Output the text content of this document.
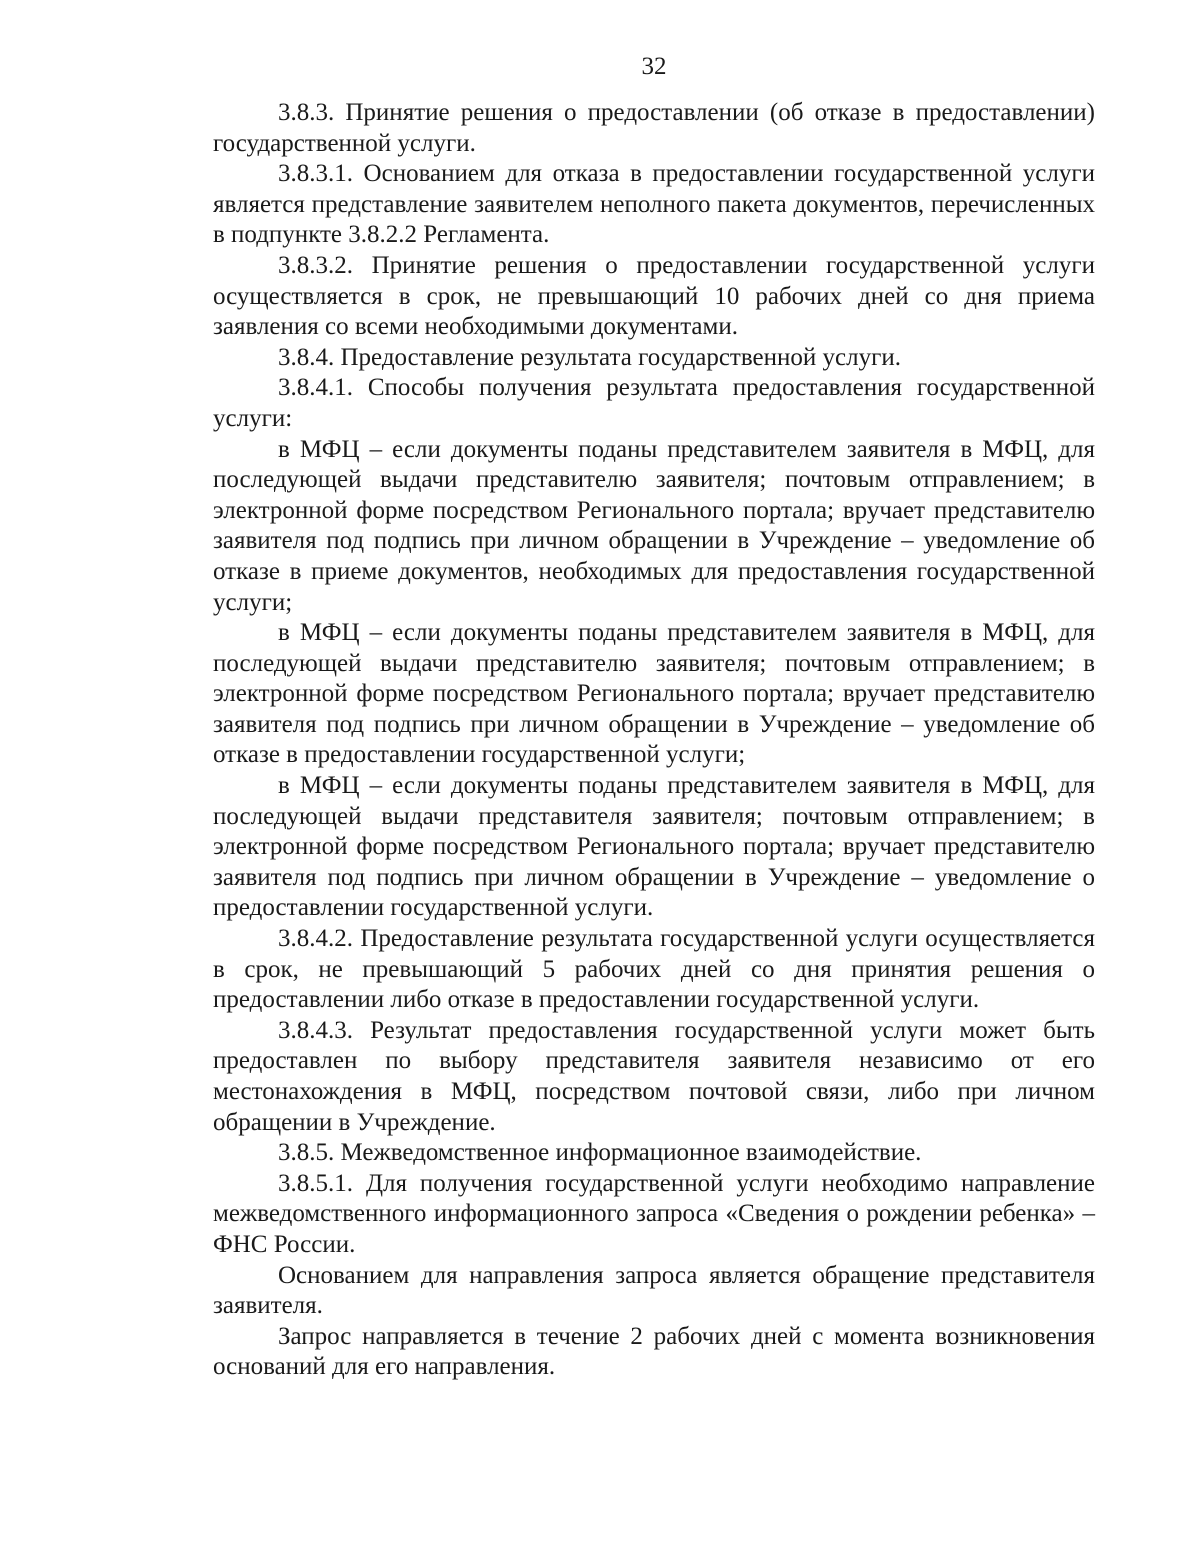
32

3.8.3. Принятие решения о предоставлении (об отказе в предоставлении) государственной услуги.

3.8.3.1. Основанием для отказа в предоставлении государственной услуги является представление заявителем неполного пакета документов, перечисленных в подпункте 3.8.2.2 Регламента.

3.8.3.2. Принятие решения о предоставлении государственной услуги осуществляется в срок, не превышающий 10 рабочих дней со дня приема заявления со всеми необходимыми документами.

3.8.4. Предоставление результата государственной услуги.

3.8.4.1. Способы получения результата предоставления государственной услуги:

в МФЦ – если документы поданы представителем заявителя в МФЦ, для последующей выдачи представителю заявителя; почтовым отправлением; в электронной форме посредством Регионального портала; вручает представителю заявителя под подпись при личном обращении в Учреждение – уведомление об отказе в приеме документов, необходимых для предоставления государственной услуги;

в МФЦ – если документы поданы представителем заявителя в МФЦ, для последующей выдачи представителю заявителя; почтовым отправлением; в электронной форме посредством Регионального портала; вручает представителю заявителя под подпись при личном обращении в Учреждение – уведомление об отказе в предоставлении государственной услуги;

в МФЦ – если документы поданы представителем заявителя в МФЦ, для последующей выдачи представителя заявителя; почтовым отправлением; в электронной форме посредством Регионального портала; вручает представителю заявителя под подпись при личном обращении в Учреждение – уведомление о предоставлении государственной услуги.

3.8.4.2. Предоставление результата государственной услуги осуществляется в срок, не превышающий 5 рабочих дней со дня принятия решения о предоставлении либо отказе в предоставлении государственной услуги.

3.8.4.3. Результат предоставления государственной услуги может быть предоставлен по выбору представителя заявителя независимо от его местонахождения в МФЦ, посредством почтовой связи, либо при личном обращении в Учреждение.

3.8.5. Межведомственное информационное взаимодействие.

3.8.5.1. Для получения государственной услуги необходимо направление межведомственного информационного запроса «Сведения о рождении ребенка» – ФНС России.

Основанием для направления запроса является обращение представителя заявителя.

Запрос направляется в течение 2 рабочих дней с момента возникновения оснований для его направления.
